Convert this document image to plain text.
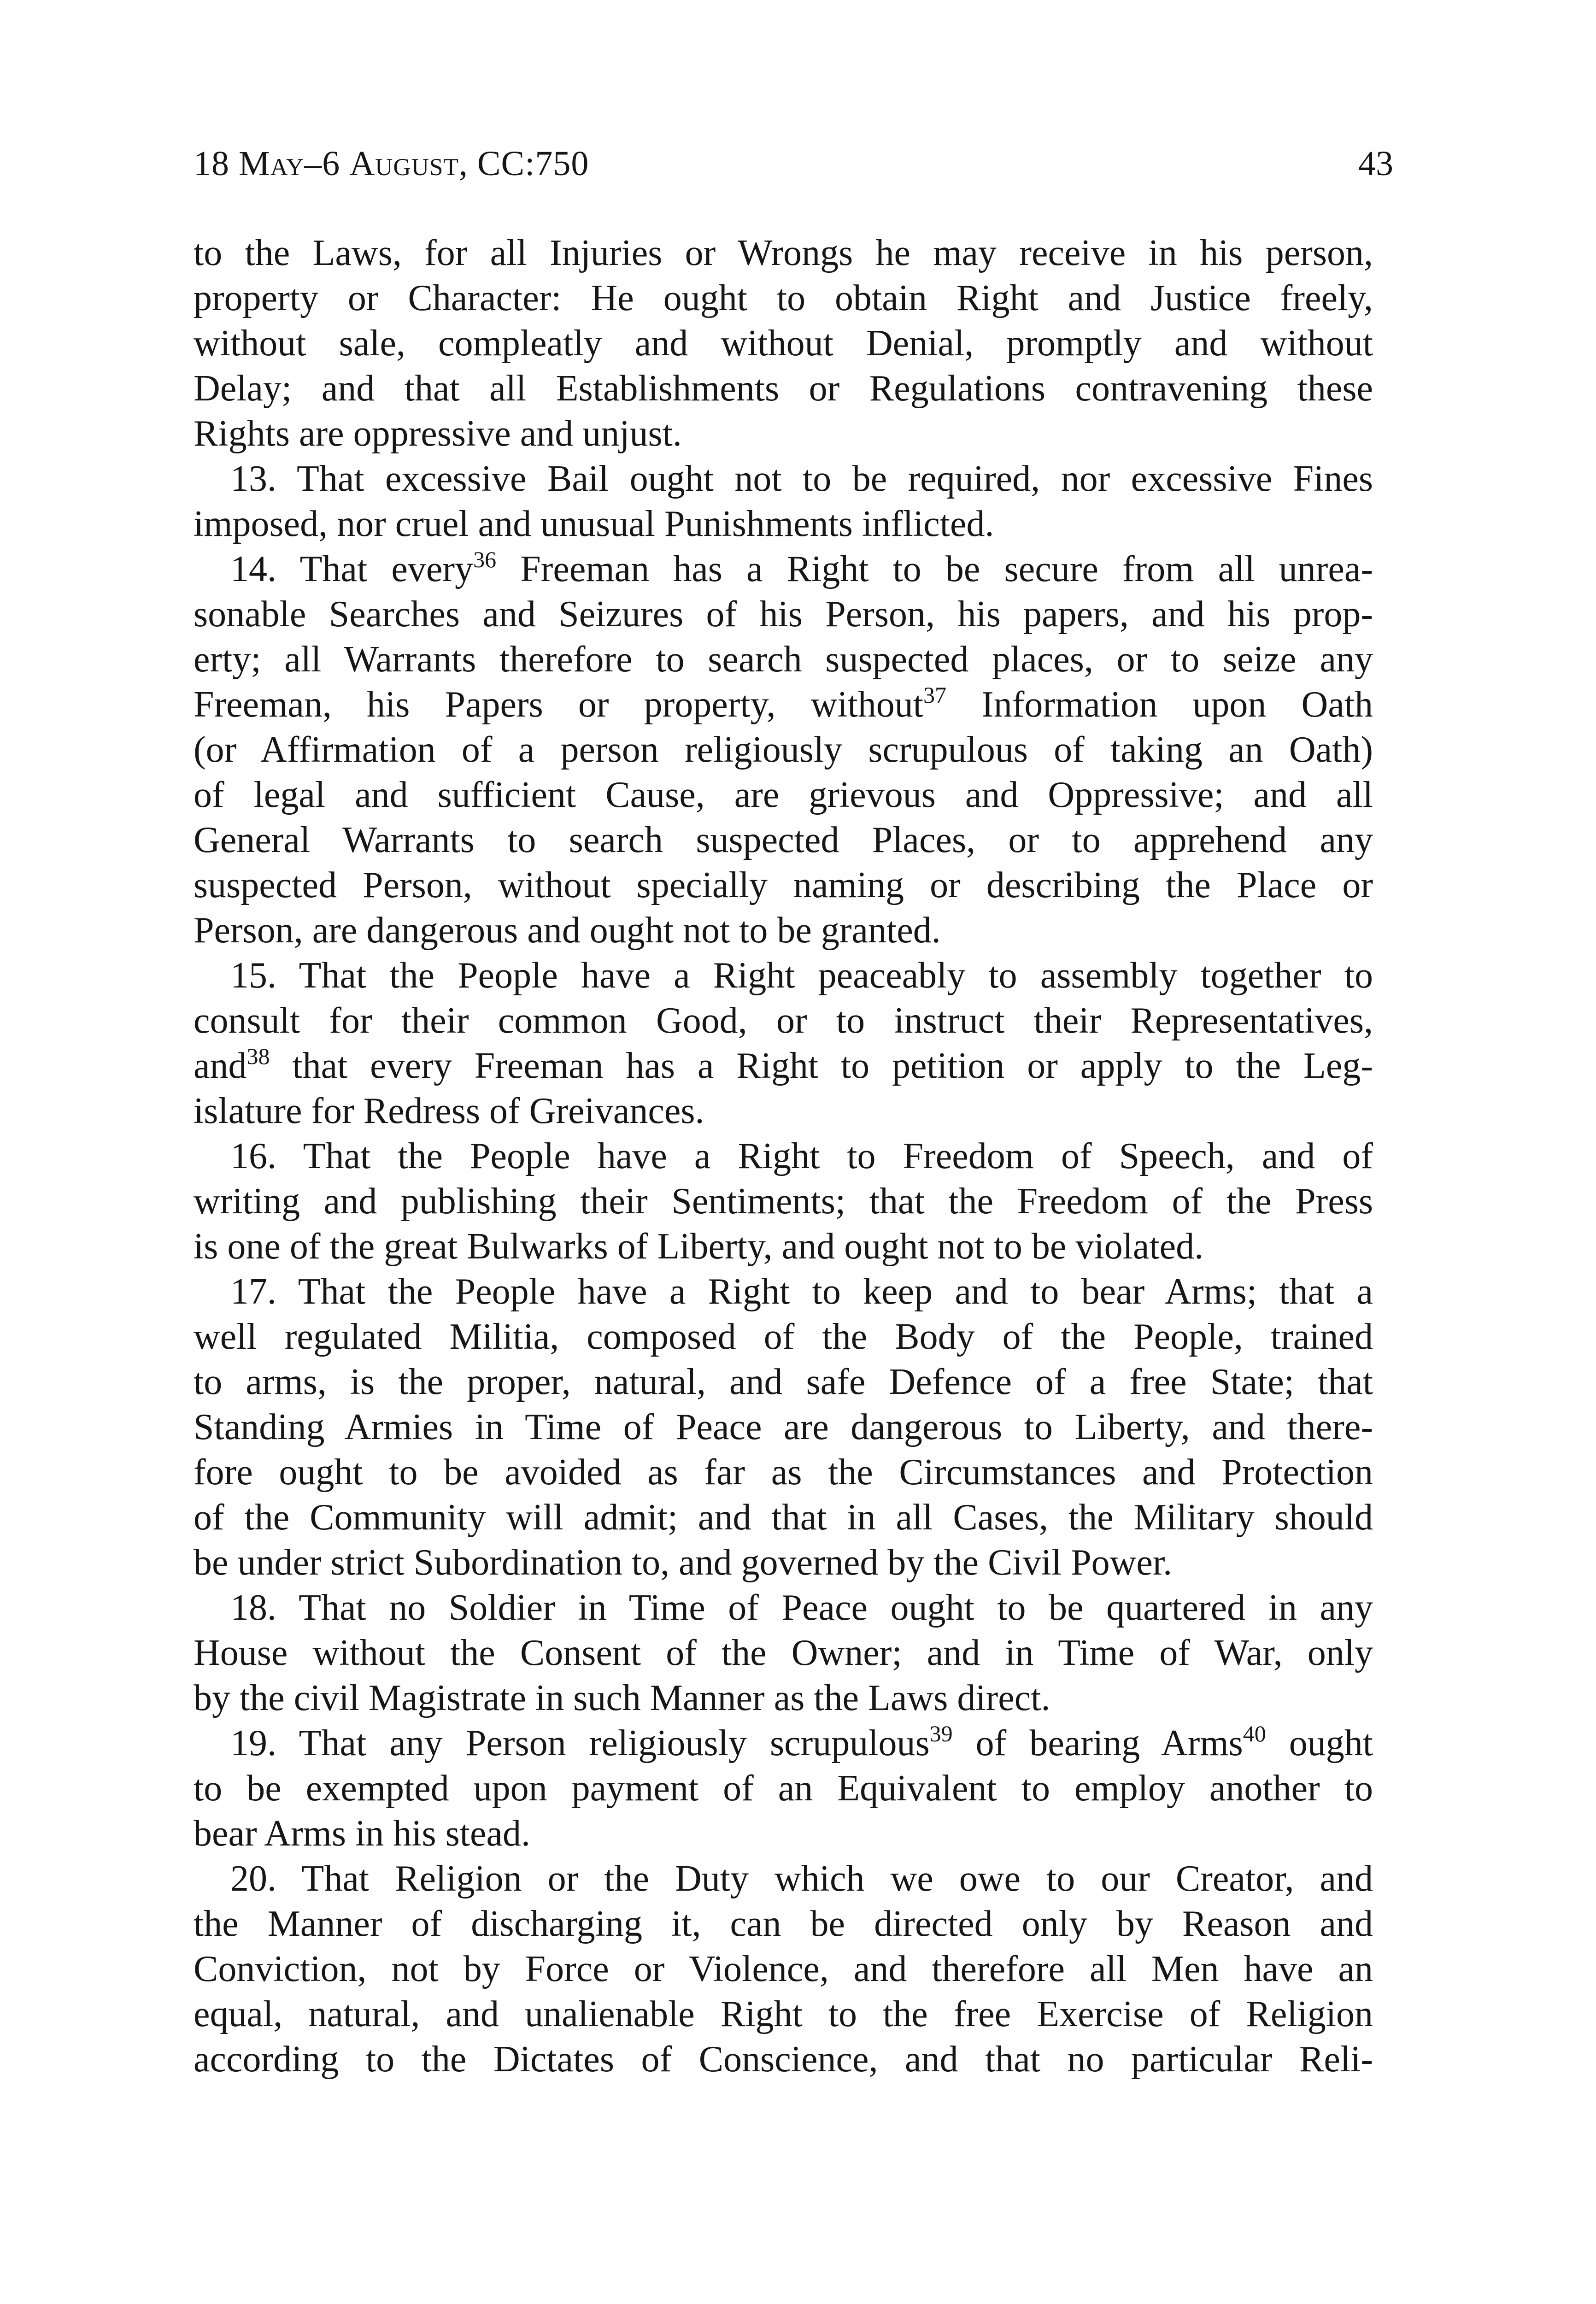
18 May–6 August, CC:750	43
to the Laws, for all Injuries or Wrongs he may receive in his person,
property or Character: He ought to obtain Right and Justice freely,
without sale, compleatly and without Denial, promptly and without
Delay; and that all Establishments or Regulations contravening these
Rights are oppressive and unjust.
13. That excessive Bail ought not to be required, nor excessive Fines
imposed, nor cruel and unusual Punishments inflicted.
14. That every$^{36}$ Freeman has a Right to be secure from all unrea-
sonable Searches and Seizures of his Person, his papers, and his prop-
erty; all Warrants therefore to search suspected places, or to seize any
Freeman, his Papers or property, without$^{37}$ Information upon Oath
(or Affirmation of a person religiously scrupulous of taking an Oath)
of legal and sufficient Cause, are grievous and Oppressive; and all
General Warrants to search suspected Places, or to apprehend any
suspected Person, without specially naming or describing the Place or
Person, are dangerous and ought not to be granted.
15. That the People have a Right peaceably to assembly together to
consult for their common Good, or to instruct their Representatives,
and$^{38}$ that every Freeman has a Right to petition or apply to the Leg-
islature for Redress of Greivances.
16. That the People have a Right to Freedom of Speech, and of
writing and publishing their Sentiments; that the Freedom of the Press
is one of the great Bulwarks of Liberty, and ought not to be violated.
17. That the People have a Right to keep and to bear Arms; that a
well regulated Militia, composed of the Body of the People, trained
to arms, is the proper, natural, and safe Defence of a free State; that
Standing Armies in Time of Peace are dangerous to Liberty, and there-
fore ought to be avoided as far as the Circumstances and Protection
of the Community will admit; and that in all Cases, the Military should
be under strict Subordination to, and governed by the Civil Power.
18. That no Soldier in Time of Peace ought to be quartered in any
House without the Consent of the Owner; and in Time of War, only
by the civil Magistrate in such Manner as the Laws direct.
19. That any Person religiously scrupulous$^{39}$ of bearing Arms$^{40}$ ought
to be exempted upon payment of an Equivalent to employ another to
bear Arms in his stead.
20. That Religion or the Duty which we owe to our Creator, and
the Manner of discharging it, can be directed only by Reason and
Conviction, not by Force or Violence, and therefore all Men have an
equal, natural, and unalienable Right to the free Exercise of Religion
according to the Dictates of Conscience, and that no particular Reli-
